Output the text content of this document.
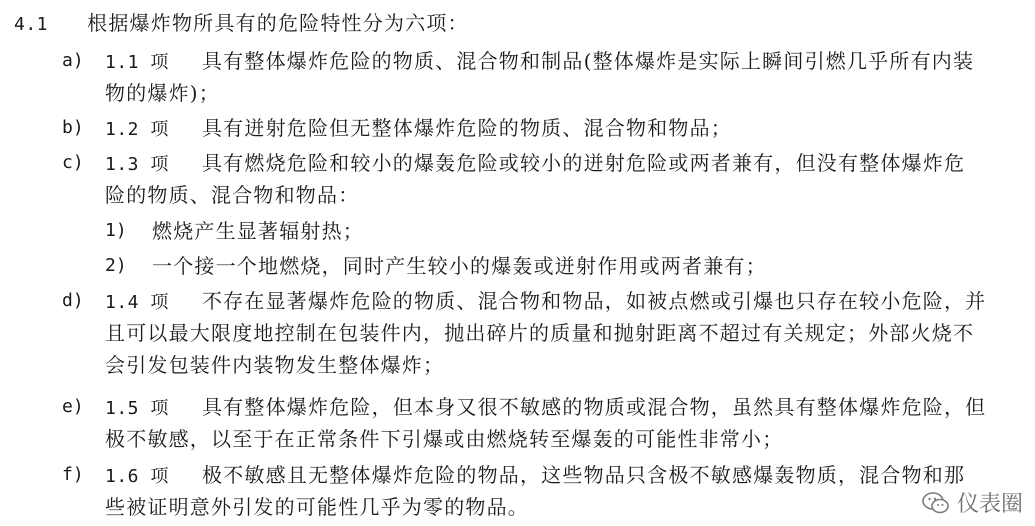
4.1 根据爆炸物所具有的危险特性分为六项：
a) 1.1 项 具有整体爆炸危险的物质、混合物和制品(整体爆炸是实际上瞬间引燃几乎所有内装
物的爆炸)；
b) 1.2 项 具有迸射危险但无整体爆炸危险的物质、混合物和物品；
c) 1.3 项 具有燃烧危险和较小的爆轰危险或较小的迸射危险或两者兼有，但没有整体爆炸危
险的物质、混合物和物品：
1) 燃烧产生显著辐射热；
2) 一个接一个地燃烧，同时产生较小的爆轰或迸射作用或两者兼有；
d) 1.4 项 不存在显著爆炸危险的物质、混合物和物品，如被点燃或引爆也只存在较小危险，并
且可以最大限度地控制在包装件内，抛出碎片的质量和抛射距离不超过有关规定；外部火烧不
会引发包装件内装物发生整体爆炸；
e) 1.5 项 具有整体爆炸危险，但本身又很不敏感的物质或混合物，虽然具有整体爆炸危险，但
极不敏感，以至于在正常条件下引爆或由燃烧转至爆轰的可能性非常小；
f) 1.6 项 极不敏感且无整体爆炸危险的物品，这些物品只含极不敏感爆轰物质，混合物和那
些被证明意外引发的可能性几乎为零的物品。	仪表圈
